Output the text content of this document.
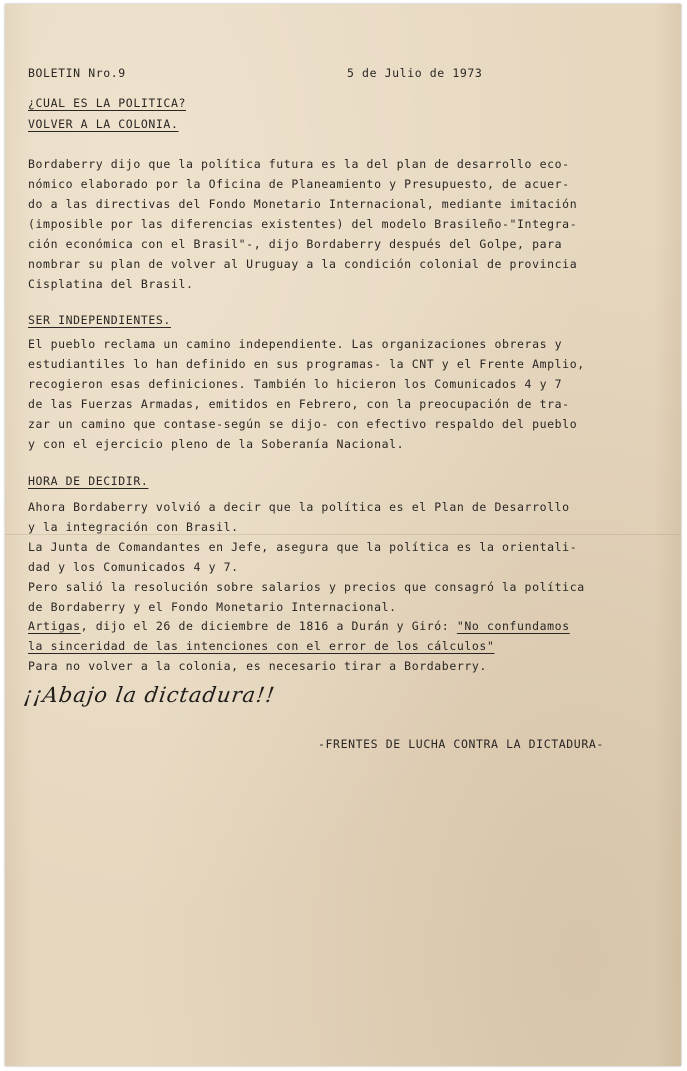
BOLETIN Nro.9	5 de Julio de 1973
¿CUAL ES LA POLITICA?
VOLVER A LA COLONIA.
Bordaberry dijo que la política futura es la del plan de desarrollo eco-
nómico elaborado por la Oficina de Planeamiento y Presupuesto, de acuer-
do a las directivas del Fondo Monetario Internacional, mediante imitación
(imposible por las diferencias existentes) del modelo Brasileño-"Integra-
ción económica con el Brasil"-, dijo Bordaberry después del Golpe, para
nombrar su plan de volver al Uruguay a la condición colonial de provincia
Cisplatina del Brasil.
SER INDEPENDIENTES.
El pueblo reclama un camino independiente. Las organizaciones obreras y
estudiantiles lo han definido en sus programas- la CNT y el Frente Amplio,
recogieron esas definiciones. También lo hicieron los Comunicados 4 y 7
de las Fuerzas Armadas, emitidos en Febrero, con la preocupación de tra-
zar un camino que contase-según se dijo- con efectivo respaldo del pueblo
y con el ejercicio pleno de la Soberanía Nacional.
HORA DE DECIDIR.
Ahora Bordaberry volvió a decir que la política es el Plan de Desarrollo
y la integración con Brasil.
La Junta de Comandantes en Jefe, asegura que la política es la orientali-
dad y los Comunicados 4 y 7.
Pero salió la resolución sobre salarios y precios que consagró la política
de Bordaberry y el Fondo Monetario Internacional.
Artigas, dijo el 26 de diciembre de 1816 a Durán y Giró: "No confundamos
la sinceridad de las intenciones con el error de los cálculos"
Para no volver a la colonia, es necesario tirar a Bordaberry.
¡¡Abajo la dictadura!!
-FRENTES DE LUCHA CONTRA LA DICTADURA-
